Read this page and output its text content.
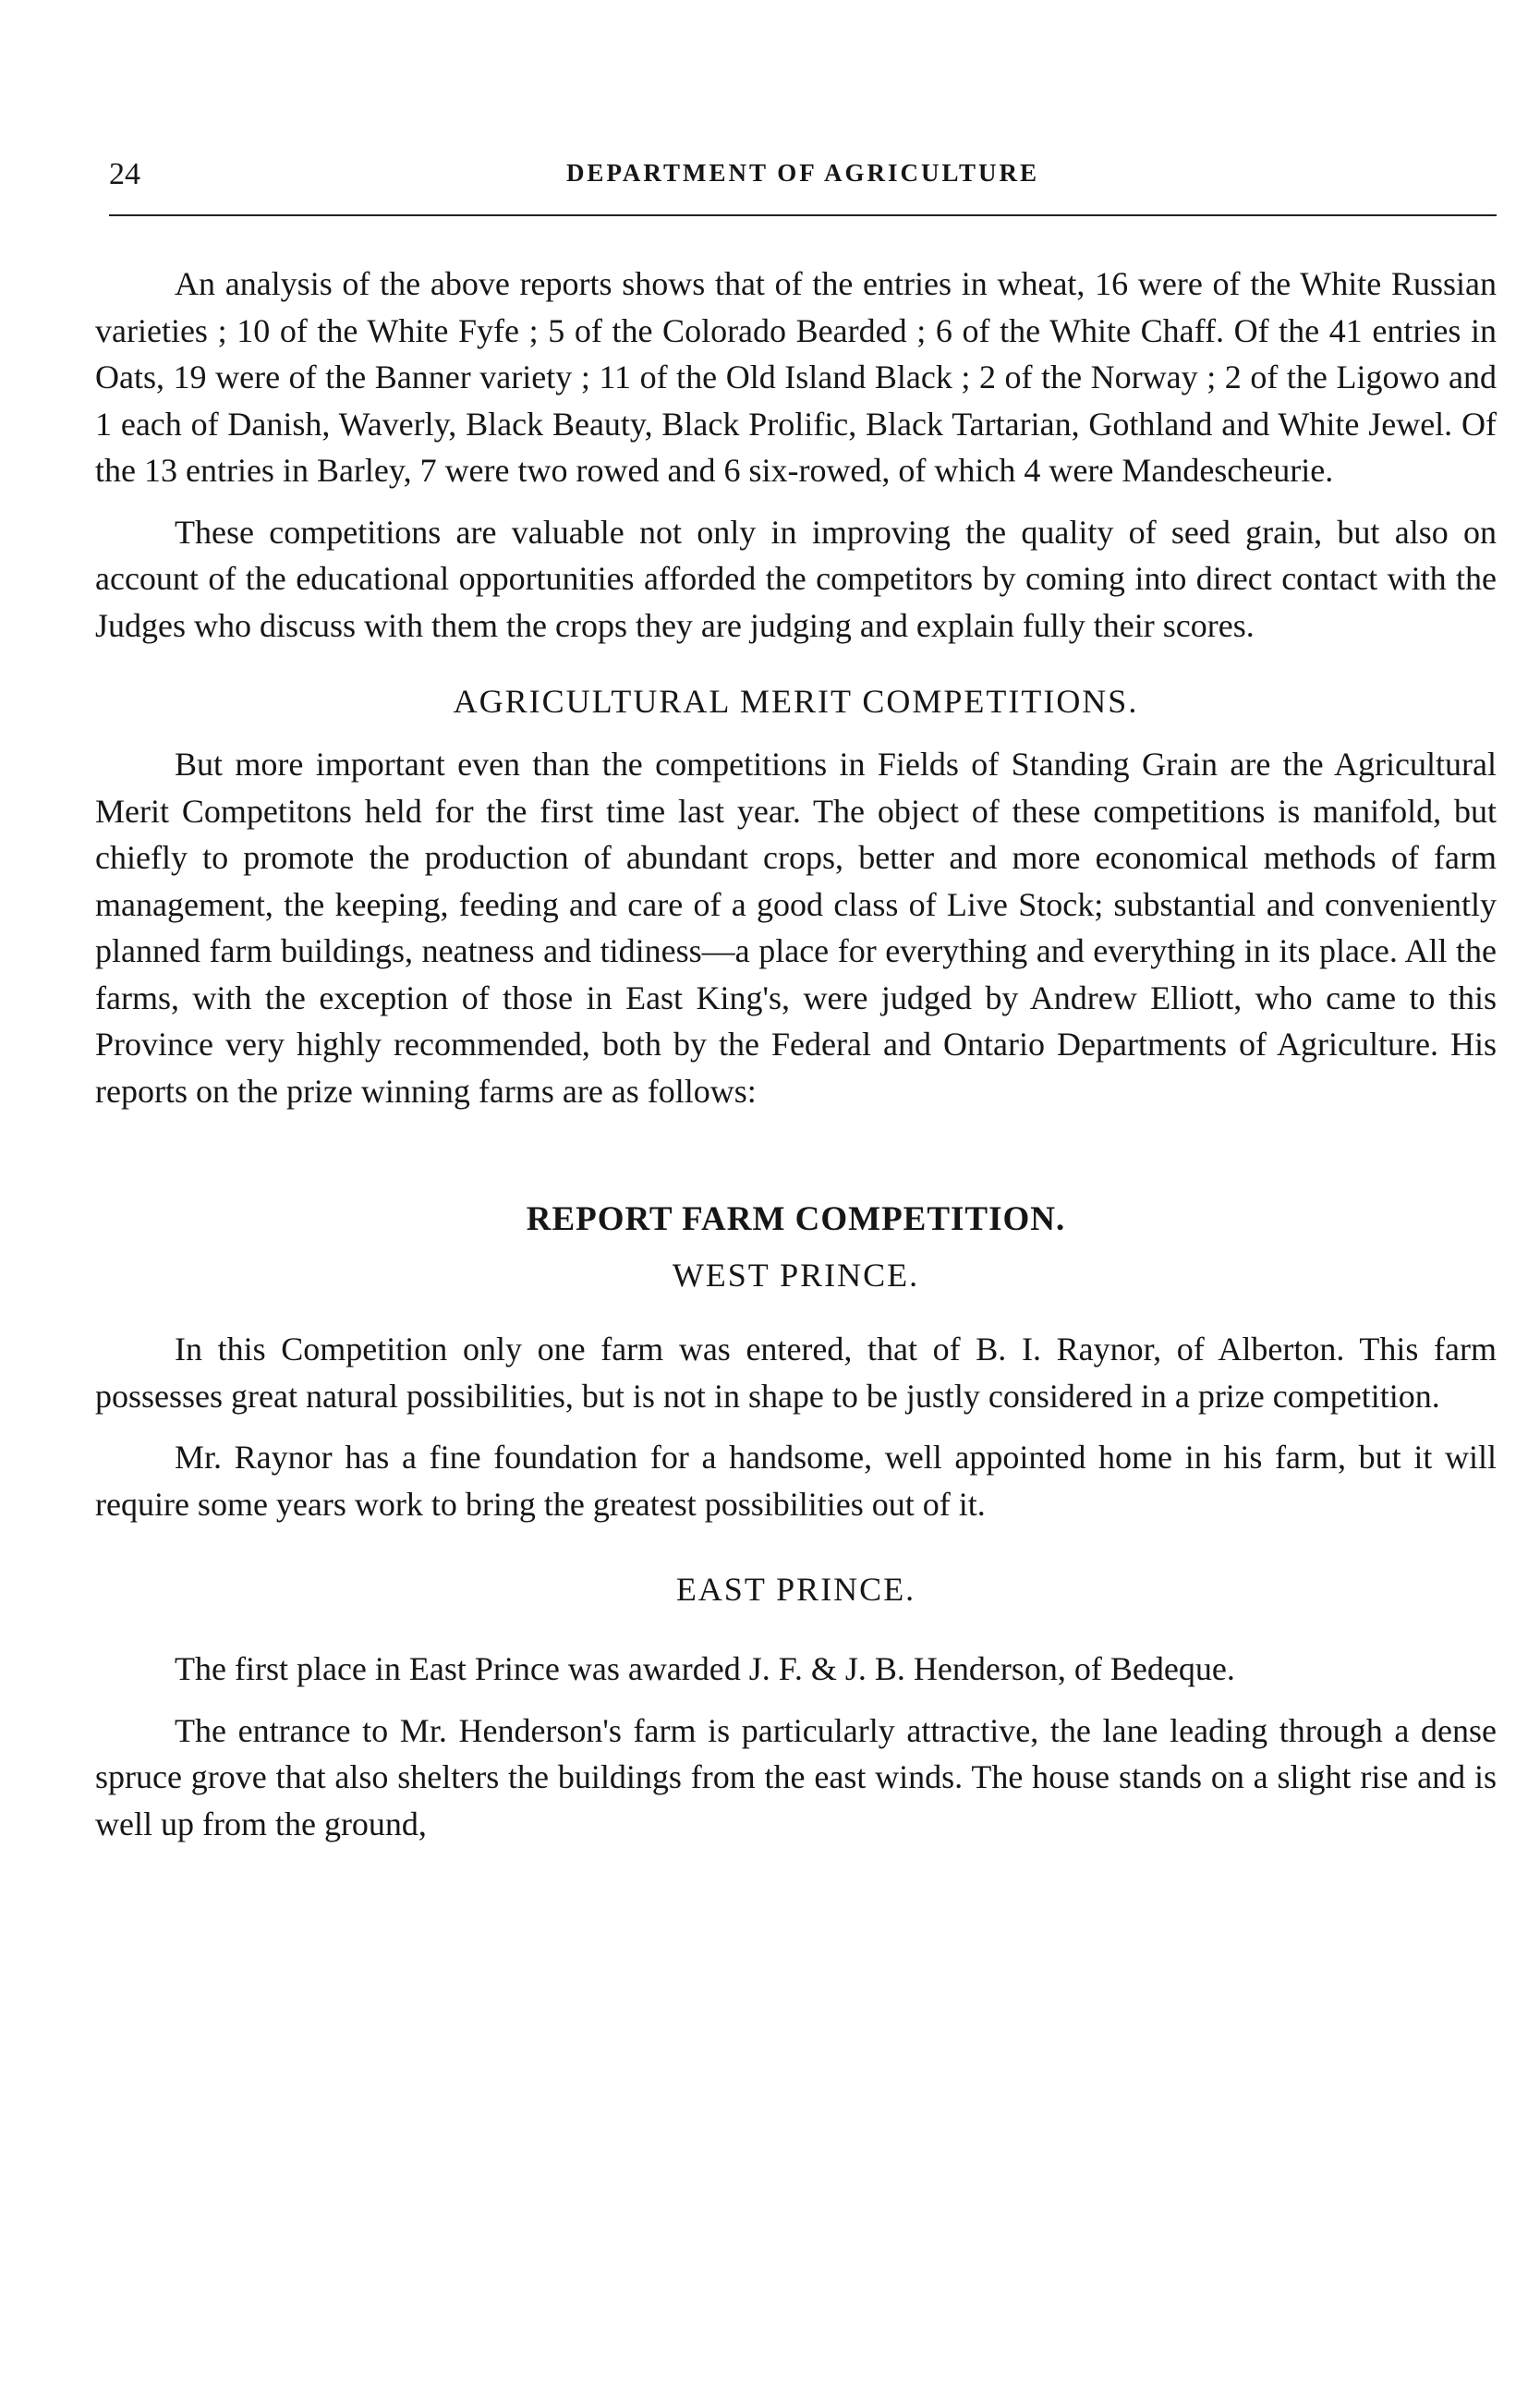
24	DEPARTMENT OF AGRICULTURE

An analysis of the above reports shows that of the entries in wheat, 16 were of the White Russian varieties ; 10 of the White Fyfe ; 5 of the Colorado Bearded ; 6 of the White Chaff. Of the 41 entries in Oats, 19 were of the Banner variety ; 11 of the Old Island Black ; 2 of the Norway ; 2 of the Ligowo and 1 each of Danish, Waverly, Black Beauty, Black Prolific, Black Tartarian, Gothland and White Jewel. Of the 13 entries in Barley, 7 were two rowed and 6 six-rowed, of which 4 were Mandescheurie.

These competitions are valuable not only in improving the quality of seed grain, but also on account of the educational opportunities afforded the competitors by coming into direct contact with the Judges who discuss with them the crops they are judging and explain fully their scores.

AGRICULTURAL MERIT COMPETITIONS.

But more important even than the competitions in Fields of Standing Grain are the Agricultural Merit Competitons held for the first time last year. The object of these competitions is manifold, but chiefly to promote the production of abundant crops, better and more economical methods of farm management, the keeping, feeding and care of a good class of Live Stock; substantial and conveniently planned farm buildings, neatness and tidiness—a place for everything and everything in its place. All the farms, with the exception of those in East King's, were judged by Andrew Elliott, who came to this Province very highly recommended, both by the Federal and Ontario Departments of Agriculture. His reports on the prize winning farms are as follows:

REPORT FARM COMPETITION.
WEST PRINCE.

In this Competition only one farm was entered, that of B. I. Raynor, of Alberton. This farm possesses great natural possibilities, but is not in shape to be justly considered in a prize competition.

Mr. Raynor has a fine foundation for a handsome, well appointed home in his farm, but it will require some years work to bring the greatest possibilities out of it.

EAST PRINCE.

The first place in East Prince was awarded J. F. & J. B. Henderson, of Bedeque.

The entrance to Mr. Henderson's farm is particularly attractive, the lane leading through a dense spruce grove that also shelters the buildings from the east winds. The house stands on a slight rise and is well up from the ground,
